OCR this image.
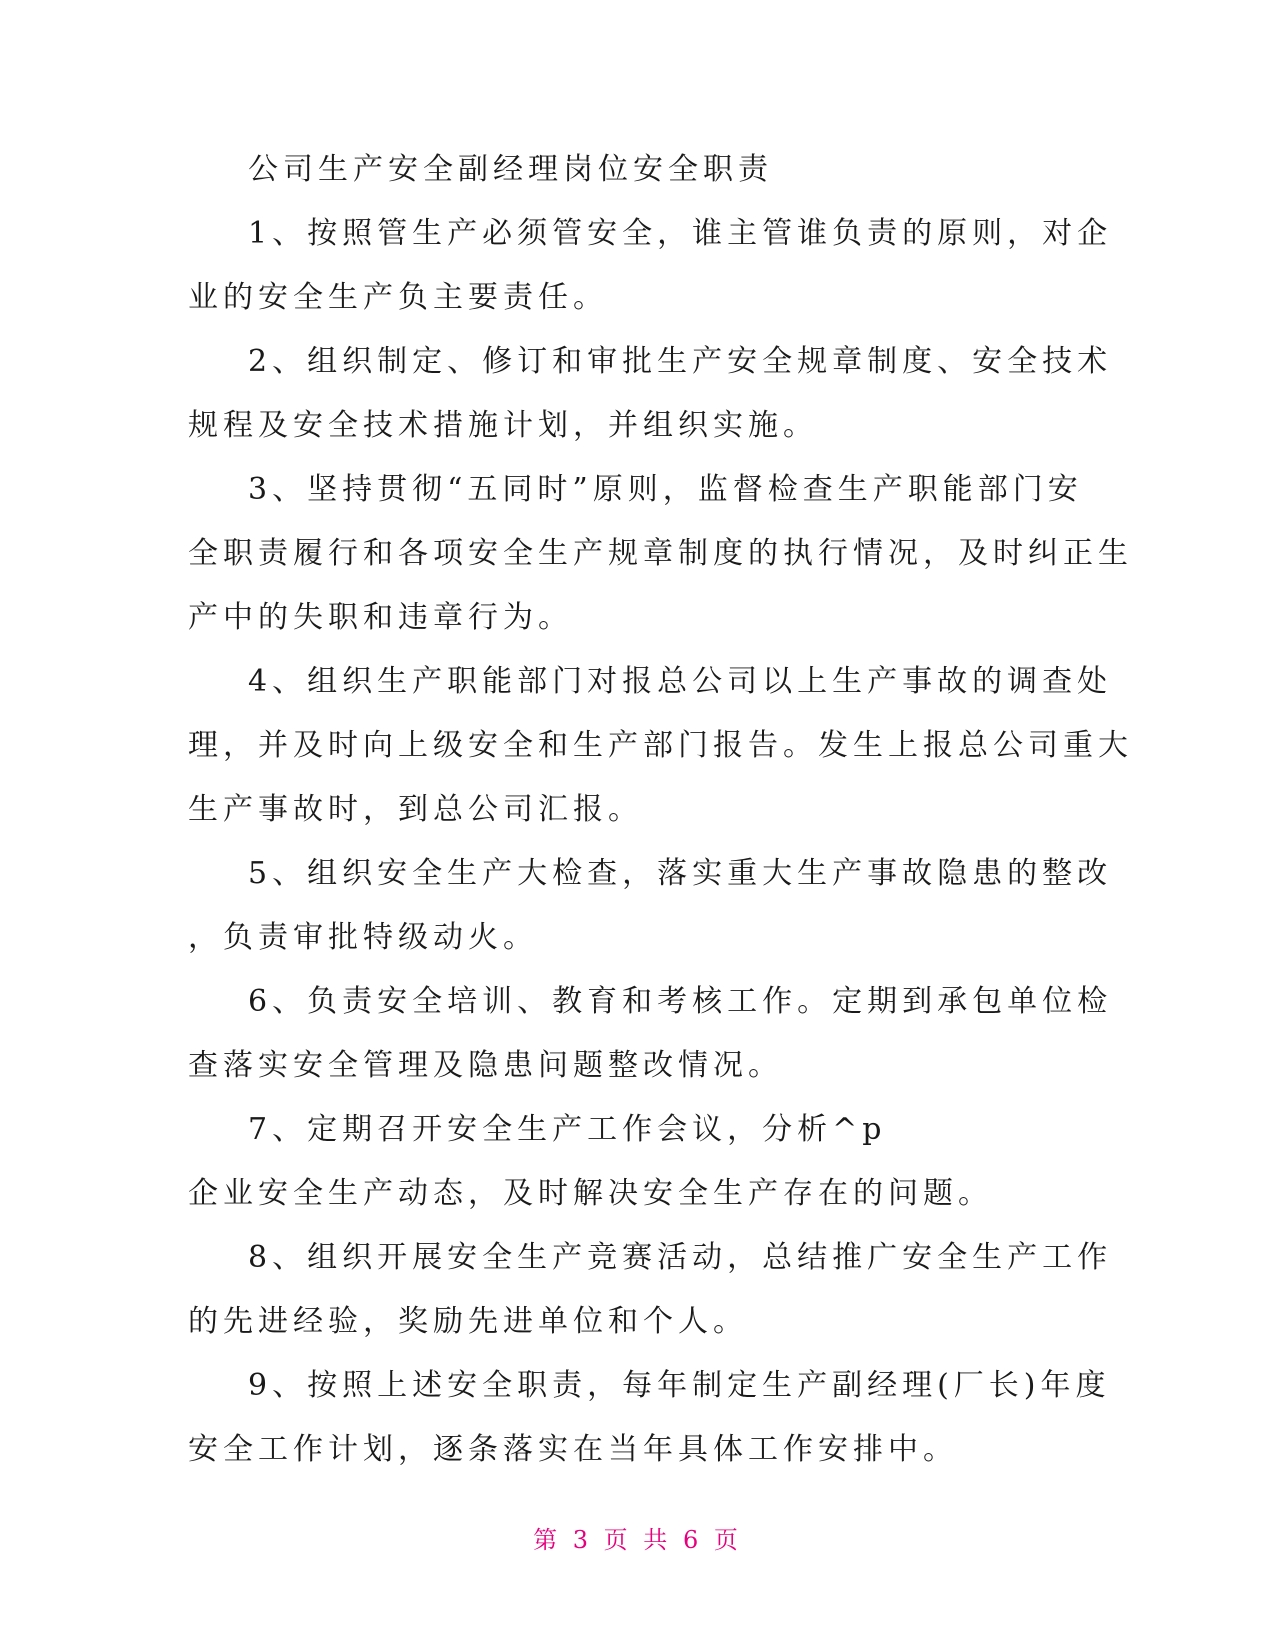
公司生产安全副经理岗位安全职责
1、按照管生产必须管安全，谁主管谁负责的原则，对企
业的安全生产负主要责任。
2、组织制定、修订和审批生产安全规章制度、安全技术
规程及安全技术措施计划，并组织实施。
3、坚持贯彻“五同时”原则，监督检查生产职能部门安
全职责履行和各项安全生产规章制度的执行情况，及时纠正生
产中的失职和违章行为。
4、组织生产职能部门对报总公司以上生产事故的调查处
理，并及时向上级安全和生产部门报告。发生上报总公司重大
生产事故时，到总公司汇报。
5、组织安全生产大检查，落实重大生产事故隐患的整改
，负责审批特级动火。
6、负责安全培训、教育和考核工作。定期到承包单位检
查落实安全管理及隐患问题整改情况。
7、定期召开安全生产工作会议，分析^p
企业安全生产动态，及时解决安全生产存在的问题。
8、组织开展安全生产竞赛活动，总结推广安全生产工作
的先进经验，奖励先进单位和个人。
9、按照上述安全职责，每年制定生产副经理(厂长)年度
安全工作计划，逐条落实在当年具体工作安排中。
第 3 页 共 6 页
